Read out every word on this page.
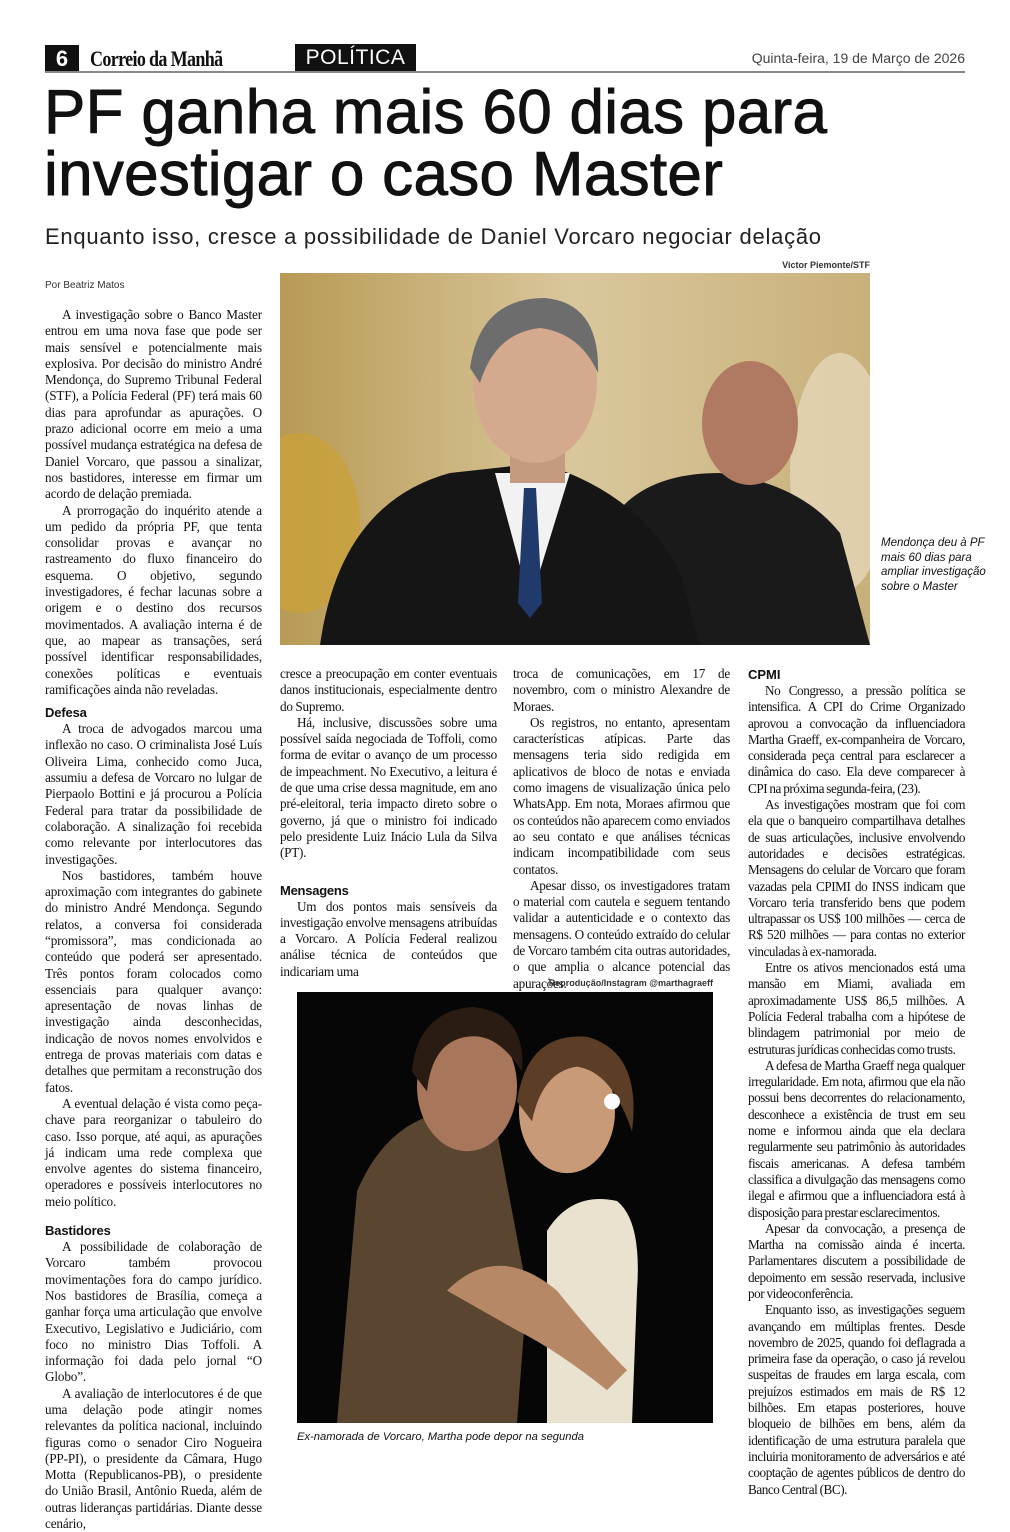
6 Correio da Manhã	POLÍTICA	Quinta-feira, 19 de Março de 2026
PF ganha mais 60 dias para
investigar o caso Master
Enquanto isso, cresce a possibilidade de Daniel Vorcaro negociar delação
Victor Piemonte/STF
Por Beatriz Matos
Mendonça deu à PF mais 60 dias para ampliar investigação sobre o Master

A investigação sobre o Banco Master entrou em uma nova fase que pode ser mais sensível e potencialmente mais explosiva. Por decisão do ministro André Mendonça, do Supremo Tribunal Federal (STF), a Polícia Federal (PF) terá mais 60 dias para aprofundar as apurações. O prazo adicional ocorre em meio a uma possível mudança estratégica na defesa de Daniel Vorcaro, que passou a sinalizar, nos bastidores, interesse em firmar um acordo de delação premiada.

A prorrogação do inquérito atende a um pedido da própria PF, que tenta consolidar provas e avançar no rastreamento do fluxo financeiro do esquema. O objetivo, segundo investigadores, é fechar lacunas sobre a origem e o destino dos recursos movimentados. A avaliação interna é de que, ao mapear as transações, será possível identificar responsabilidades, conexões políticas e eventuais ramificações ainda não reveladas.

Defesa

A troca de advogados marcou uma inflexão no caso. O criminalista José Luís Oliveira Lima, conhecido como Juca, assumiu a defesa de Vorcaro no lulgar de Pierpaolo Bottini e já procurou a Polícia Federal para tratar da possibilidade de colaboração. A sinalização foi recebida como relevante por interlocutores das investigações.

Nos bastidores, também houve aproximação com integrantes do gabinete do ministro André Mendonça. Segundo relatos, a conversa foi considerada “promissora”, mas condicionada ao conteúdo que poderá ser apresentado. Três pontos foram colocados como essenciais para qualquer avanço: apresentação de novas linhas de investigação ainda desconhecidas, indicação de novos nomes envolvidos e entrega de provas materiais com datas e detalhes que permitam a reconstrução dos fatos.

A eventual delação é vista como peça-chave para reorganizar o tabuleiro do caso. Isso porque, até aqui, as apurações já indicam uma rede complexa que envolve agentes do sistema financeiro, operadores e possíveis interlocutores no meio político.

Bastidores

A possibilidade de colaboração de Vorcaro também provocou movimentações fora do campo jurídico. Nos bastidores de Brasília, começa a ganhar força uma articulação que envolve Executivo, Legislativo e Judiciário, com foco no ministro Dias Toffoli. A informação foi dada pelo jornal “O Globo”.

A avaliação de interlocutores é de que uma delação pode atingir nomes relevantes da política nacional, incluindo figuras como o senador Ciro Nogueira (PP-PI), o presidente da Câmara, Hugo Motta (Republicanos-PB), o presidente do União Brasil, Antônio Rueda, além de outras lideranças partidárias. Diante desse cenário,

cresce a preocupação em conter eventuais danos institucionais, especialmente dentro do Supremo.

Há, inclusive, discussões sobre uma possível saída negociada de Toffoli, como forma de evitar o avanço de um processo de impeachment. No Executivo, a leitura é de que uma crise dessa magnitude, em ano pré-eleitoral, teria impacto direto sobre o governo, já que o ministro foi indicado pelo presidente Luiz Inácio Lula da Silva (PT).

Mensagens

Um dos pontos mais sensíveis da investigação envolve mensagens atribuídas a Vorcaro. A Polícia Federal realizou análise técnica de conteúdos que indicariam uma

troca de comunicações, em 17 de novembro, com o ministro Alexandre de Moraes.

Os registros, no entanto, apresentam características atípicas. Parte das mensagens teria sido redigida em aplicativos de bloco de notas e enviada como imagens de visualização única pelo WhatsApp. Em nota, Moraes afirmou que os conteúdos não aparecem como enviados ao seu contato e que análises técnicas indicam incompatibilidade com seus contatos.

Apesar disso, os investigadores tratam o material com cautela e seguem tentando validar a autenticidade e o contexto das mensagens. O conteúdo extraído do celular de Vorcaro também cita outras autoridades, o que amplia o alcance potencial das apurações.

CPMI

No Congresso, a pressão política se intensifica. A CPI do Crime Organizado aprovou a convocação da influenciadora Martha Graeff, ex-companheira de Vorcaro, considerada peça central para esclarecer a dinâmica do caso. Ela deve comparecer à CPI na próxima segunda-feira, (23).

As investigações mostram que foi com ela que o banqueiro compartilhava detalhes de suas articulações, inclusive envolvendo autoridades e decisões estratégicas. Mensagens do celular de Vorcaro que foram vazadas pela CPIMI do INSS indicam que Vorcaro teria transferido bens que podem ultrapassar os US$ 100 milhões — cerca de R$ 520 milhões — para contas no exterior vinculadas à ex-namorada.

Entre os ativos mencionados está uma mansão em Miami, avaliada em aproximadamente US$ 86,5 milhões. A Polícia Federal trabalha com a hipótese de blindagem patrimonial por meio de estruturas jurídicas conhecidas como trusts.

A defesa de Martha Graeff nega qualquer irregularidade. Em nota, afirmou que ela não possui bens decorrentes do relacionamento, desconhece a existência de trust em seu nome e informou ainda que ela declara regularmente seu patrimônio às autoridades fiscais americanas. A defesa também classifica a divulgação das mensagens como ilegal e afirmou que a influenciadora está à disposição para prestar esclarecimentos.

Apesar da convocação, a presença de Martha na comissão ainda é incerta. Parlamentares discutem a possibilidade de depoimento em sessão reservada, inclusive por videoconferência.

Enquanto isso, as investigações seguem avançando em múltiplas frentes. Desde novembro de 2025, quando foi deflagrada a primeira fase da operação, o caso já revelou suspeitas de fraudes em larga escala, com prejuízos estimados em mais de R$ 12 bilhões. Em etapas posteriores, houve bloqueio de bilhões em bens, além da identificação de uma estrutura paralela que incluiria monitoramento de adversários e até cooptação de agentes públicos de dentro do Banco Central (BC).

Reprodução/Instagram @marthagraeff
Ex-namorada de Vorcaro, Martha pode depor na segunda
